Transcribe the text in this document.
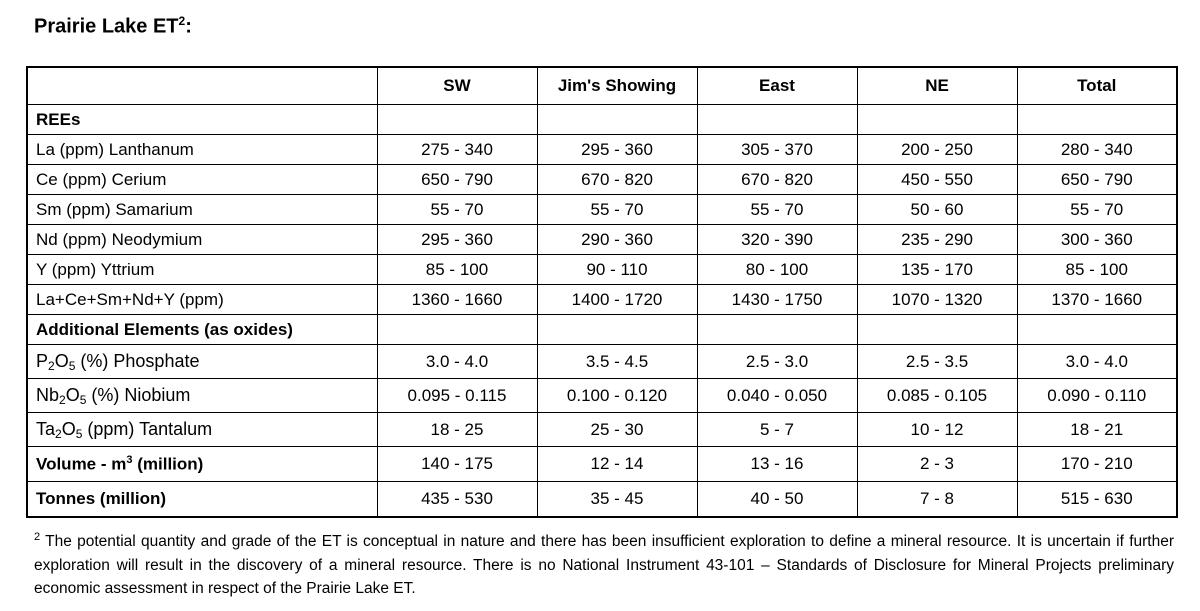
Prairie Lake $ET^2$:
	SW	Jim's Showing	East	NE	Total
REEs					
La (ppm) Lanthanum	275 - 340	295 - 360	305 - 370	200 - 250	280 - 340
Ce (ppm) Cerium	650 - 790	670 - 820	670 - 820	450 - 550	650 - 790
Sm (ppm) Samarium	55 - 70	55 - 70	55 - 70	50 - 60	55 - 70
Nd (ppm) Neodymium	295 - 360	290 - 360	320 - 390	235 - 290	300 - 360
Y (ppm) Yttrium	85 - 100	90 - 110	80 - 100	135 - 170	85 - 100
La+Ce+Sm+Nd+Y (ppm)	1360 - 1660	1400 - 1720	1430 - 1750	1070 - 1320	1370 - 1660
Additional Elements (as oxides)					
$P_2O_5$ (%) Phosphate	3.0 - 4.0	3.5 - 4.5	2.5 - 3.0	2.5 - 3.5	3.0 - 4.0
$Nb_2O_5$ (%) Niobium	0.095 - 0.115	0.100 - 0.120	0.040 - 0.050	0.085 - 0.105	0.090 - 0.110
$Ta_2O_5$ (ppm) Tantalum	18 - 25	25 - 30	5 - 7	10 - 12	18 - 21
Volume - $m^3$ (million)	140 - 175	12 - 14	13 - 16	2 - 3	170 - 210
Tonnes (million)	435 - 530	35 - 45	40 - 50	7 - 8	515 - 630
$^2$ The potential quantity and grade of the ET is conceptual in nature and there has been insufficient exploration to define a mineral resource. It is uncertain if further exploration will result in the discovery of a mineral resource. There is no National Instrument 43-101 – Standards of Disclosure for Mineral Projects preliminary economic assessment in respect of the Prairie Lake ET.
